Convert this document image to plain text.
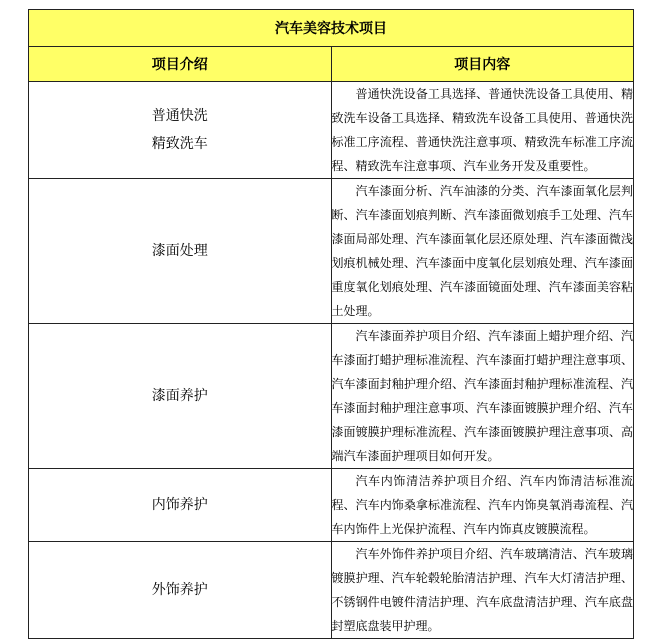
汽车美容技术项目	
项目介绍	项目内容

普通快洗
精致洗车	普通快洗设备工具选择、普通快洗设备工具使用、精致洗车设备工具选择、精致洗车设备工具使用、普通快洗标准工序流程、普通快洗注意事项、精致洗车标准工序流程、精致洗车注意事项、汽车业务开发及重要性。

漆面处理	汽车漆面分析、汽车油漆的分类、汽车漆面氧化层判断、汽车漆面划痕判断、汽车漆面微划痕手工处理、汽车漆面局部处理、汽车漆面氧化层还原处理、汽车漆面微浅划痕机械处理、汽车漆面中度氧化层划痕处理、汽车漆面重度氧化划痕处理、汽车漆面镜面处理、汽车漆面美容粘土处理。

漆面养护	汽车漆面养护项目介绍、汽车漆面上蜡护理介绍、汽车漆面打蜡护理标准流程、汽车漆面打蜡护理注意事项、汽车漆面封釉护理介绍、汽车漆面封釉护理标准流程、汽车漆面封釉护理注意事项、汽车漆面镀膜护理介绍、汽车漆面镀膜护理标准流程、汽车漆面镀膜护理注意事项、高端汽车漆面护理项目如何开发。

内饰养护	汽车内饰清洁养护项目介绍、汽车内饰清洁标准流程、汽车内饰桑拿标准流程、汽车内饰臭氧消毒流程、汽车内饰件上光保护流程、汽车内饰真皮镀膜流程。

外饰养护	汽车外饰件养护项目介绍、汽车玻璃清洁、汽车玻璃镀膜护理、汽车轮毂轮胎清洁护理、汽车大灯清洁护理、不锈钢件电镀件清洁护理、汽车底盘清洁护理、汽车底盘封塑底盘装甲护理。
